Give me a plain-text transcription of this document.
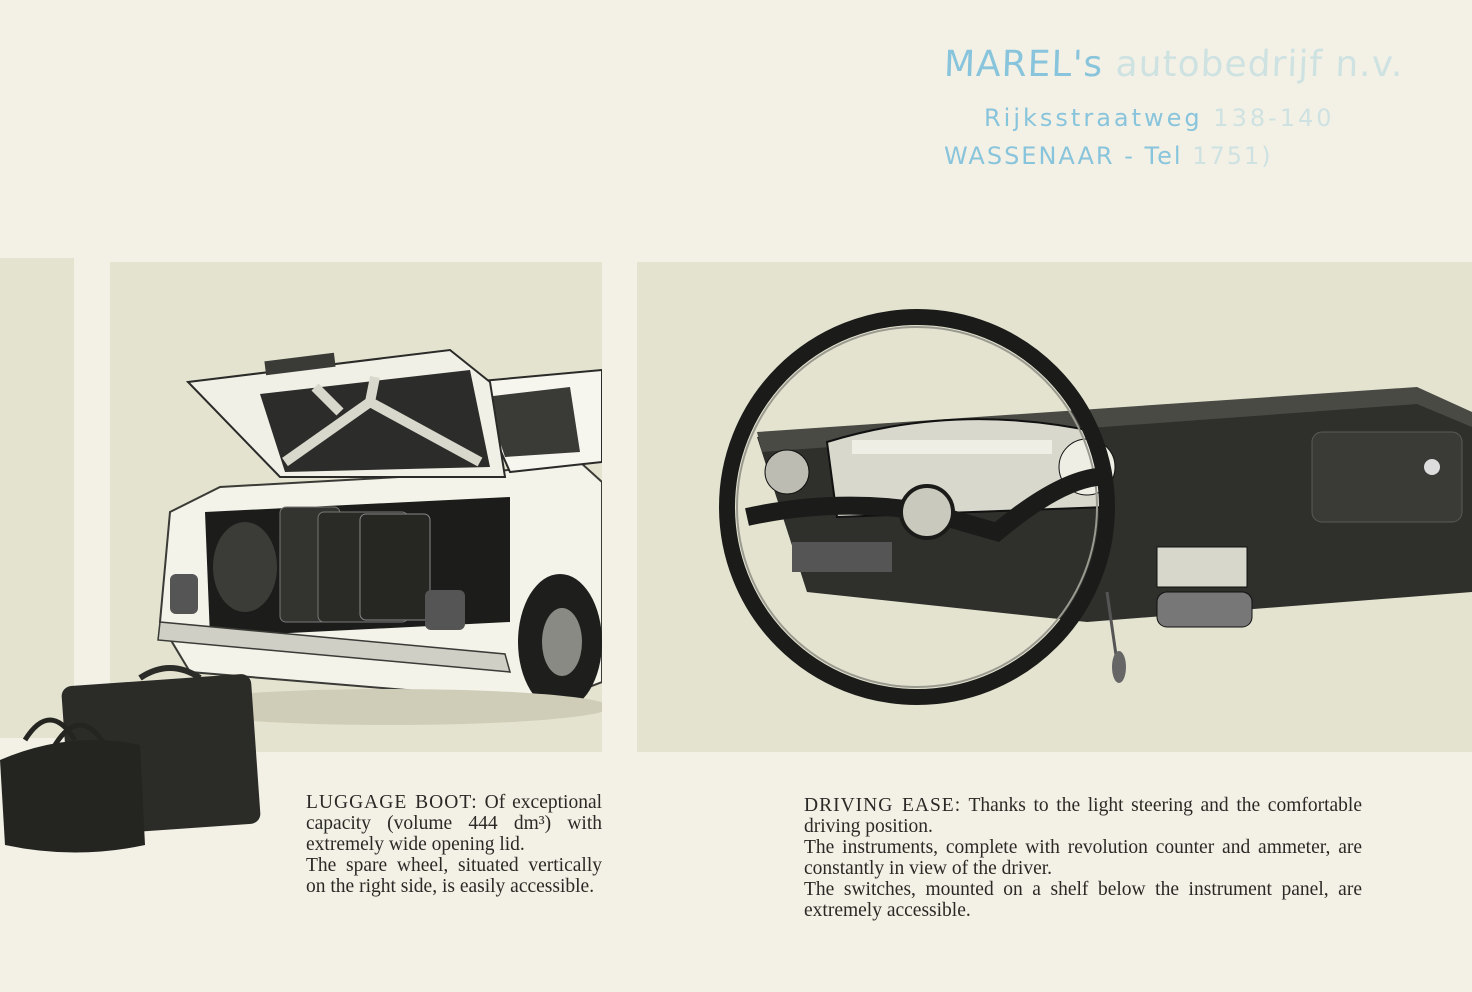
MAREL's autobedrijf n.v.
Rijksstraatweg 138-140
WASSENAAR - Tel 1751)

LUGGAGE BOOT: Of exceptional capacity (volume 444 dm³) with extremely wide opening lid.

The spare wheel, situated vertically on the right side, is easily accessible.

DRIVING EASE: Thanks to the light steering and the comfortable driving position.

The instruments, complete with revolution counter and ammeter, are constantly in view of the driver.

The switches, mounted on a shelf below the instrument panel, are extremely accessible.
